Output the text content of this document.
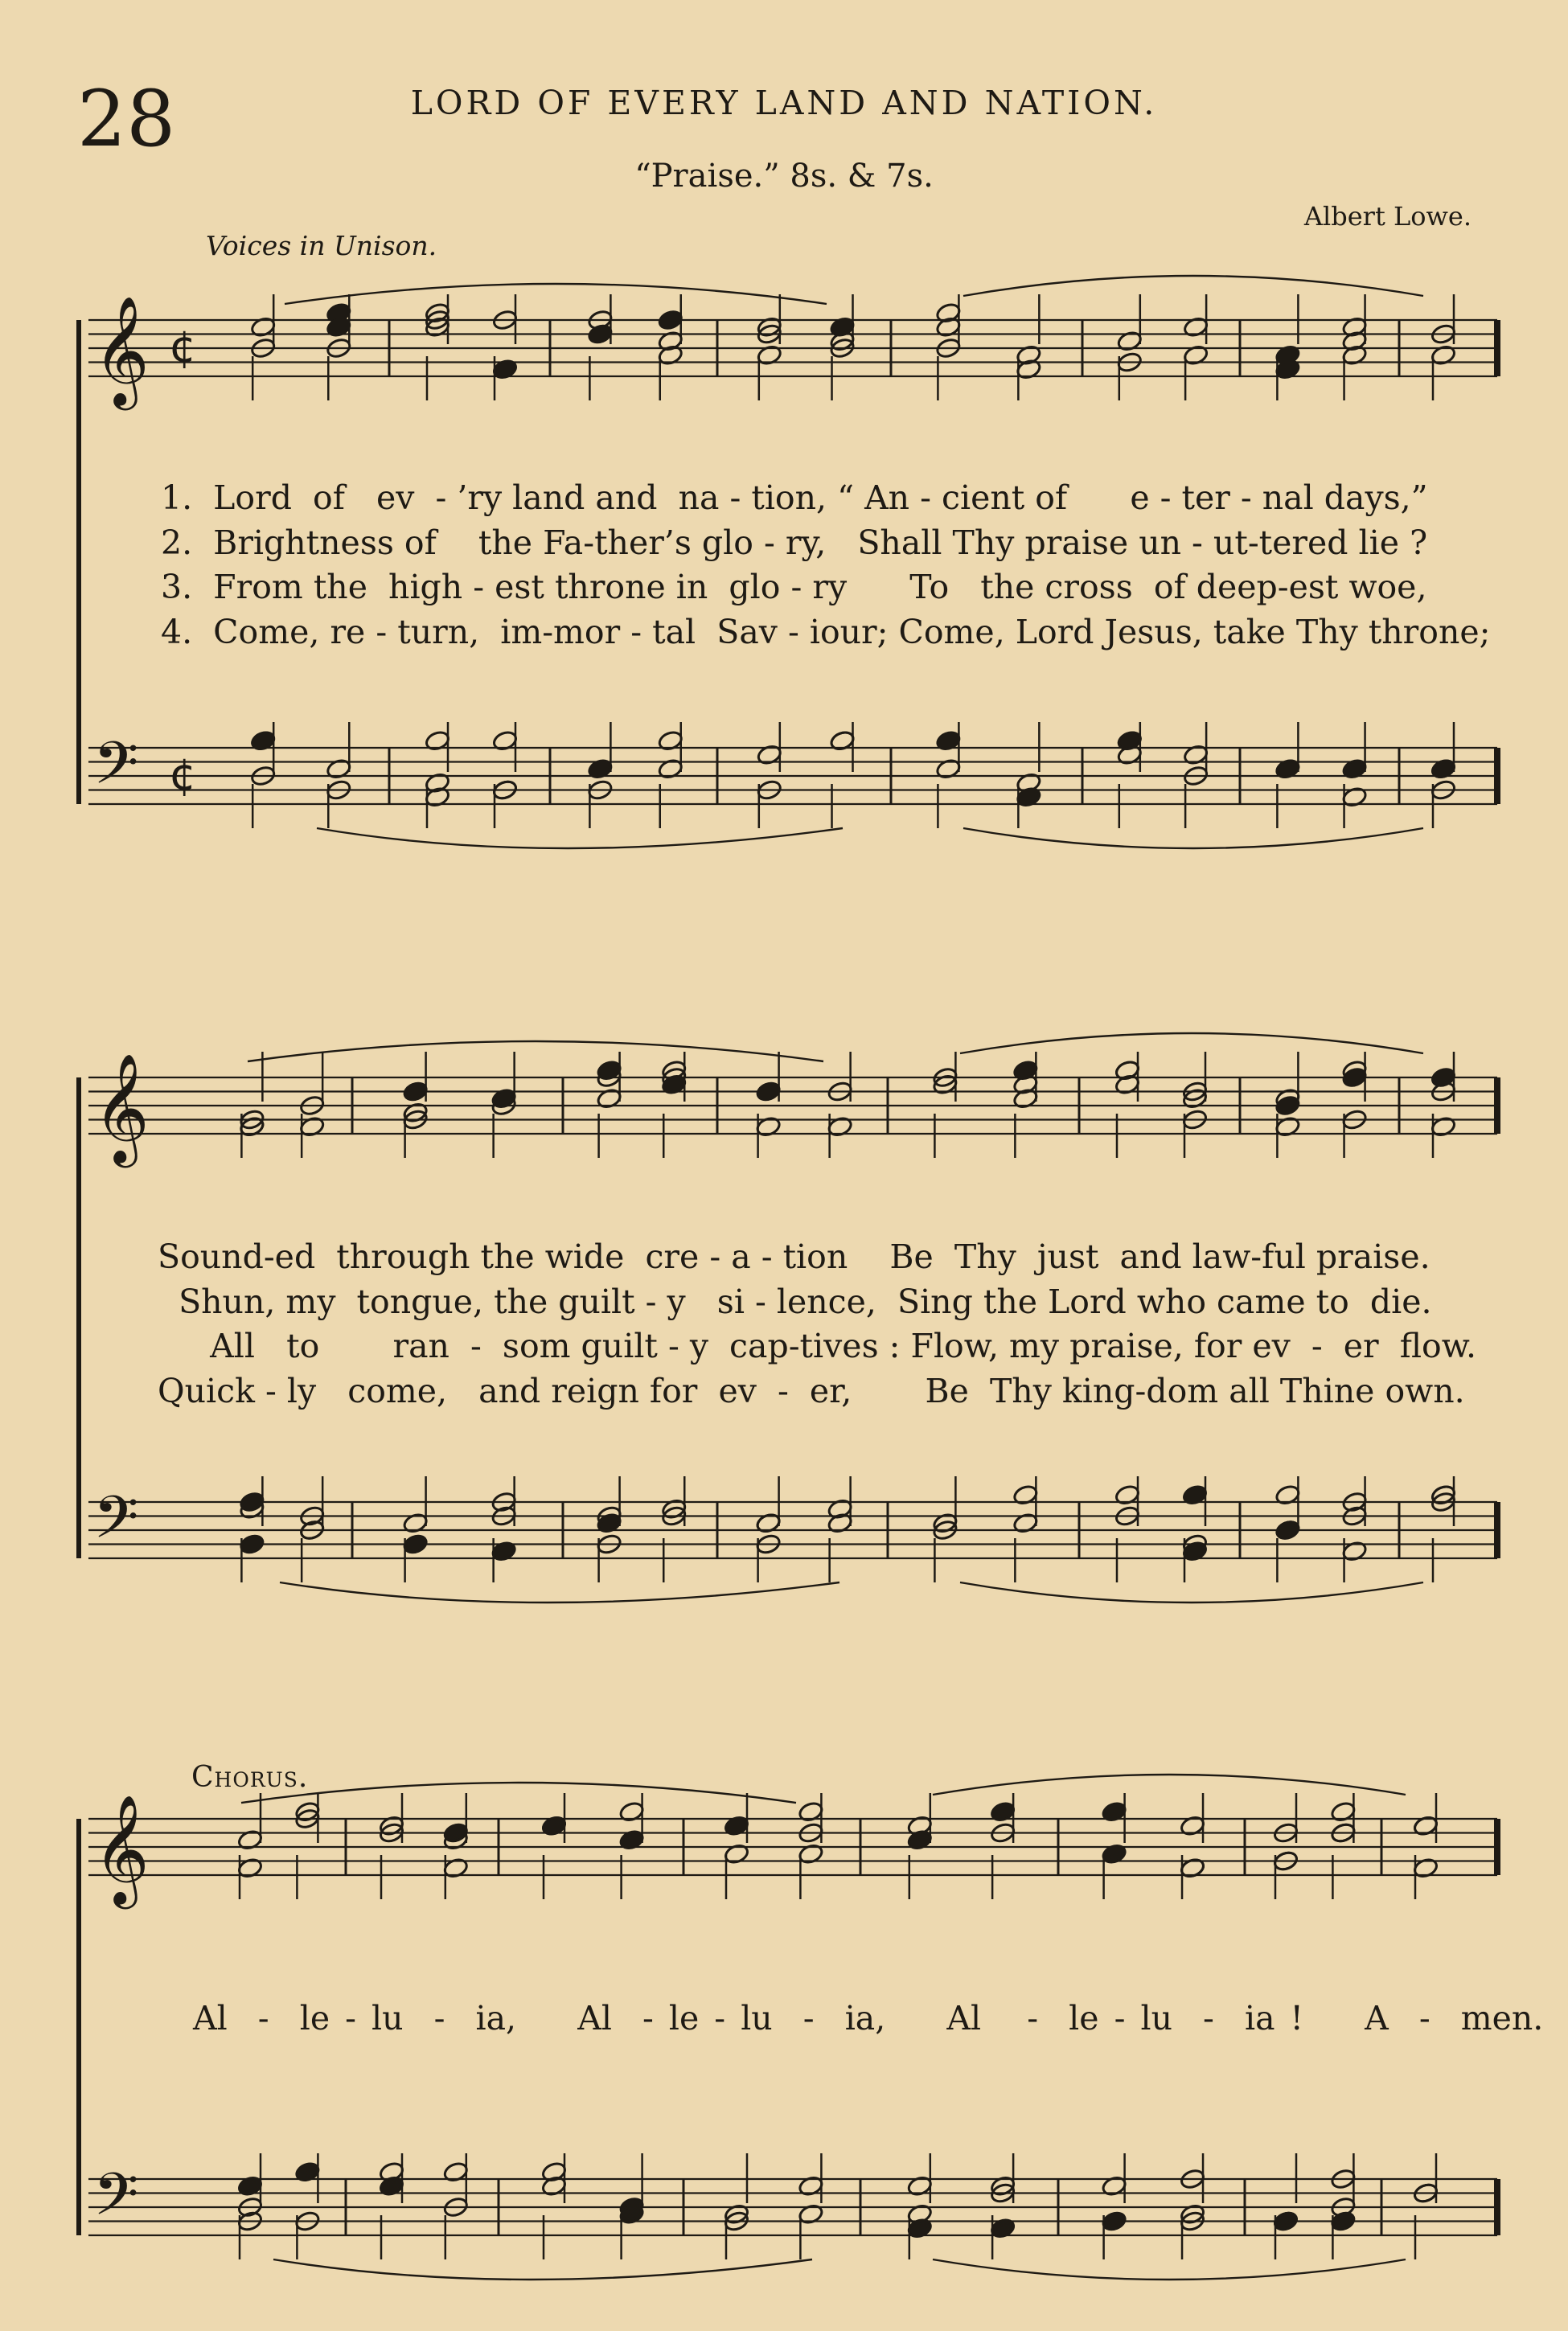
28	LORD OF EVERY LAND AND NATION.
“Praise.” 8s. & 7s.
Albert Lowe.
Voices in Unison.
𝄞 ¢
𝄢 ¢
𝄞
𝄢
𝄞
𝄢
1.  Lord  of   ev  - ’ry land and  na - tion, “ An - cient of      e - ter - nal days,”
2.  Brightness of    the Fa-ther’s glo - ry,   Shall Thy praise un - ut-tered lie ?
3.  From the  high - est throne in  glo - ry      To   the cross  of deep-est woe,
4.  Come, re - turn,  im-mor - tal  Sav - iour; Come, Lord Jesus, take Thy throne;
Sound-ed  through the wide  cre - a - tion    Be  Thy  just  and law-ful praise.
Shun, my  tongue, the guilt - y   si - lence,  Sing the Lord who came to  die.
All   to       ran  -  som guilt - y  cap-tives : Flow, my praise, for ev  -  er  flow.
Quick - ly   come,   and reign for  ev  -  er,       Be  Thy king-dom all Thine own.
Chorus.
Al  -  le - lu  -  ia,    Al  - le - lu  -  ia,    Al   -  le - lu  -  ia !    A  -  men.
